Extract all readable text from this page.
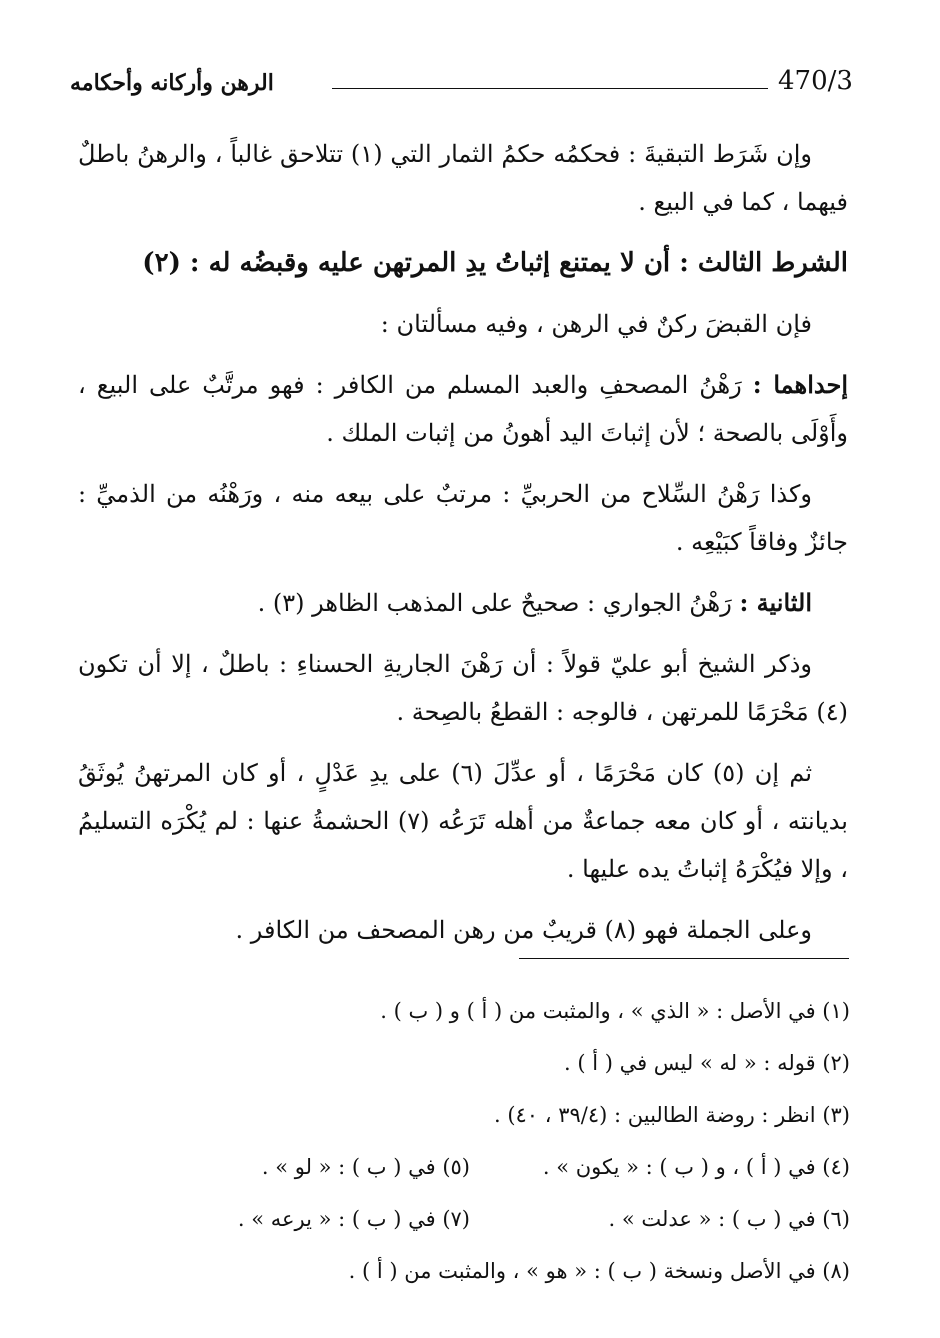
470/3
الرهن وأركانه وأحكامه

وإن شَرَط التبقيةَ : فحكمُه حكمُ الثمار التي (١) تتلاحق غالباً ، والرهنُ باطلٌ فيهما ، كما في البيع .

الشرط الثالث : أن لا يمتنع إثباتُ يدِ المرتهن عليه وقبضُه له : (٢)

فإن القبضَ ركنٌ في الرهن ، وفيه مسألتان :

إحداهما : رَهْنُ المصحفِ والعبد المسلم من الكافر : فهو مرتَّبٌ على البيع ، وأَوْلَى بالصحة ؛ لأن إثباتَ اليد أهونُ من إثبات الملك .

وكذا رَهْنُ السِّلاح من الحربيِّ : مرتبٌ على بيعه منه ، ورَهْنُه من الذميِّ : جائزٌ وفاقاً كبَيْعِه .

الثانية : رَهْنُ الجواري : صحيحٌ على المذهب الظاهر (٣) .

وذكر الشيخ أبو عليّ قولاً : أن رَهْنَ الجاريةِ الحسناءِ : باطلٌ ، إلا أن تكون (٤) مَحْرَمًا للمرتهن ، فالوجه : القطعُ بالصِحة .

ثم إن (٥) كان مَحْرَمًا ، أو عدِّلَ (٦) على يدِ عَدْلٍ ، أو كان المرتهنُ يُوثَقُ بديانته ، أو كان معه جماعةٌ من أهله تَرَعُه (٧) الحشمةُ عنها : لم يُكْرَه التسليمُ ، وإلا فيُكْرَهُ إثباتُ يده عليها .

وعلى الجملة فهو (٨) قريبٌ من رهن المصحف من الكافر .

(١) في الأصل : « الذي » ، والمثبت من ( أ ) و ( ب ) .
(٢) قوله : « له » ليس في ( أ ) .
(٣) انظر : روضة الطالبين : (٣٩/٤ ، ٤٠) .
(٤) في ( أ ) ، و ( ب ) : « يكون » .
(٥) في ( ب ) : « لو » .
(٦) في ( ب ) : « عدلت » .
(٧) في ( ب ) : « يرعه » .
(٨) في الأصل ونسخة ( ب ) : « هو » ، والمثبت من ( أ ) .
